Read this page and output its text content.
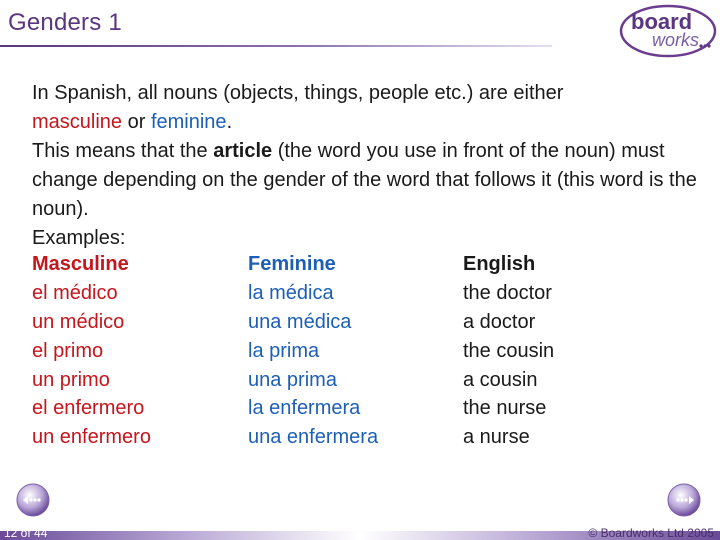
Genders 1	board
works

In Spanish, all nouns (objects, things, people etc.) are either

masculine or feminine.

This means that the article (the word you use in front of the noun) must change depending on the gender of the word that follows it (this word is the noun).

Examples:

Masculine	Feminine	English
el médico	la médica	the doctor
un médico	una médica	a doctor
el primo	la prima	the cousin
un primo	una prima	a cousin
el enfermero	la enfermera	the nurse
un enfermero	una enfermera	a nurse
12 of 44	© Boardworks Ltd 2005
